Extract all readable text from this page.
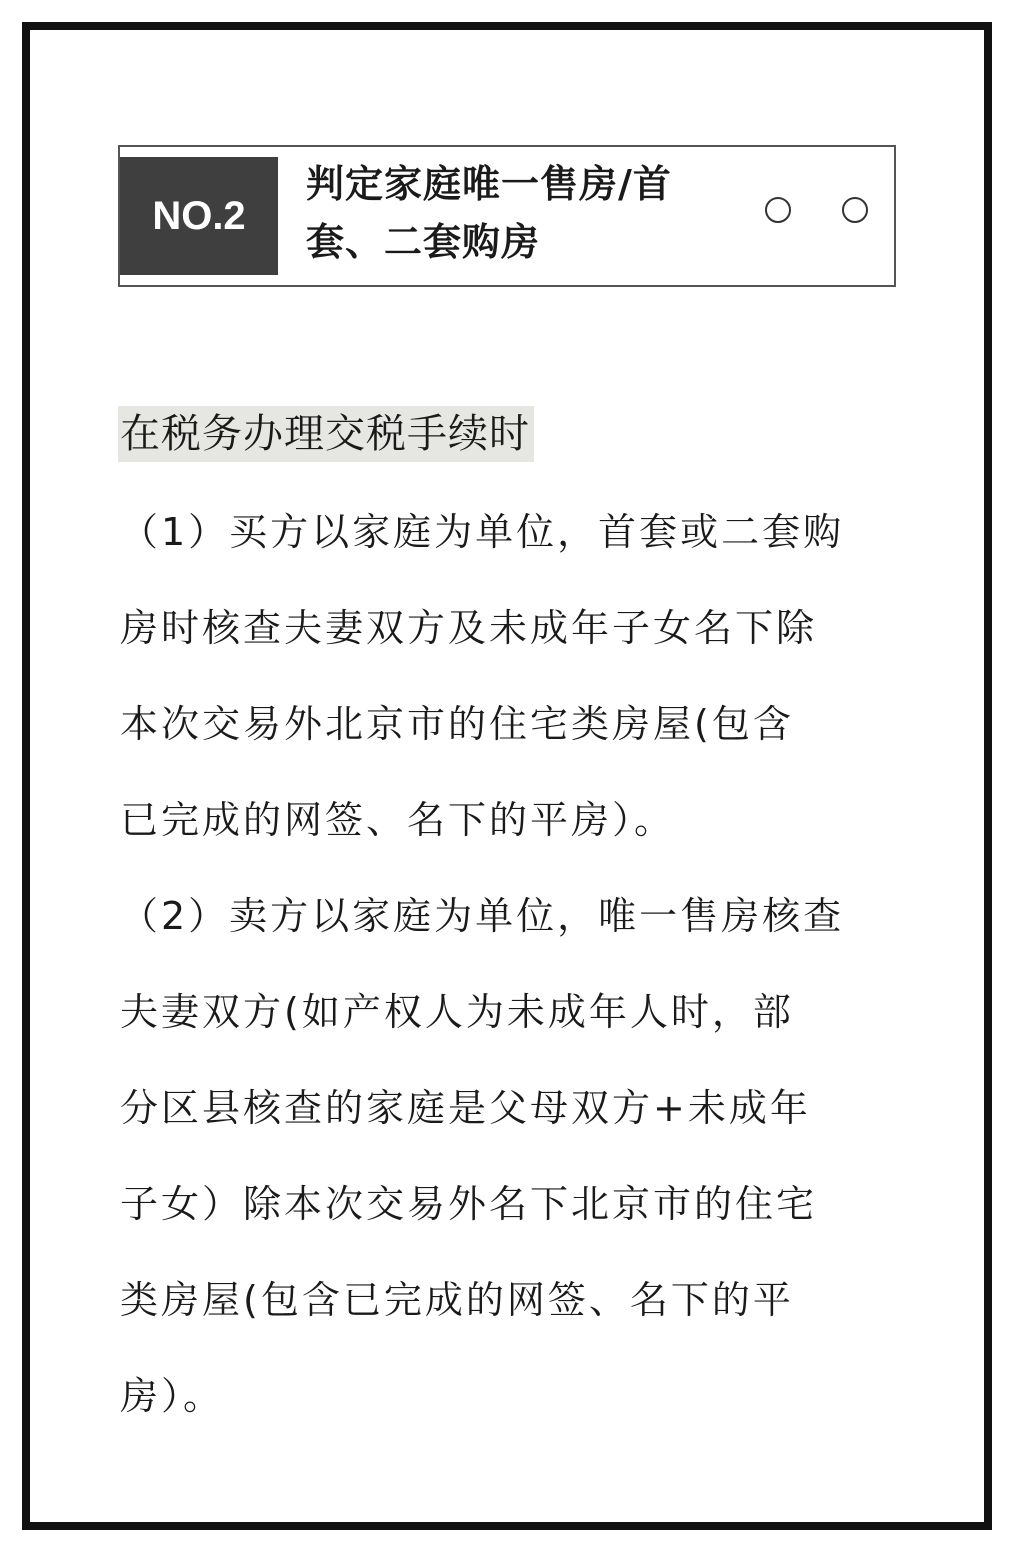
NO.2
判定家庭唯一售房/首
套、二套购房
在税务办理交税手续时
（1）买方以家庭为单位，首套或二套购
房时核查夫妻双方及未成年子女名下除
本次交易外北京市的住宅类房屋(包含
已完成的网签、名下的平房）。
（2）卖方以家庭为单位，唯一售房核查
夫妻双方(如产权人为未成年人时，部
分区县核查的家庭是父母双方+未成年
子女）除本次交易外名下北京市的住宅
类房屋(包含已完成的网签、名下的平
房）。
